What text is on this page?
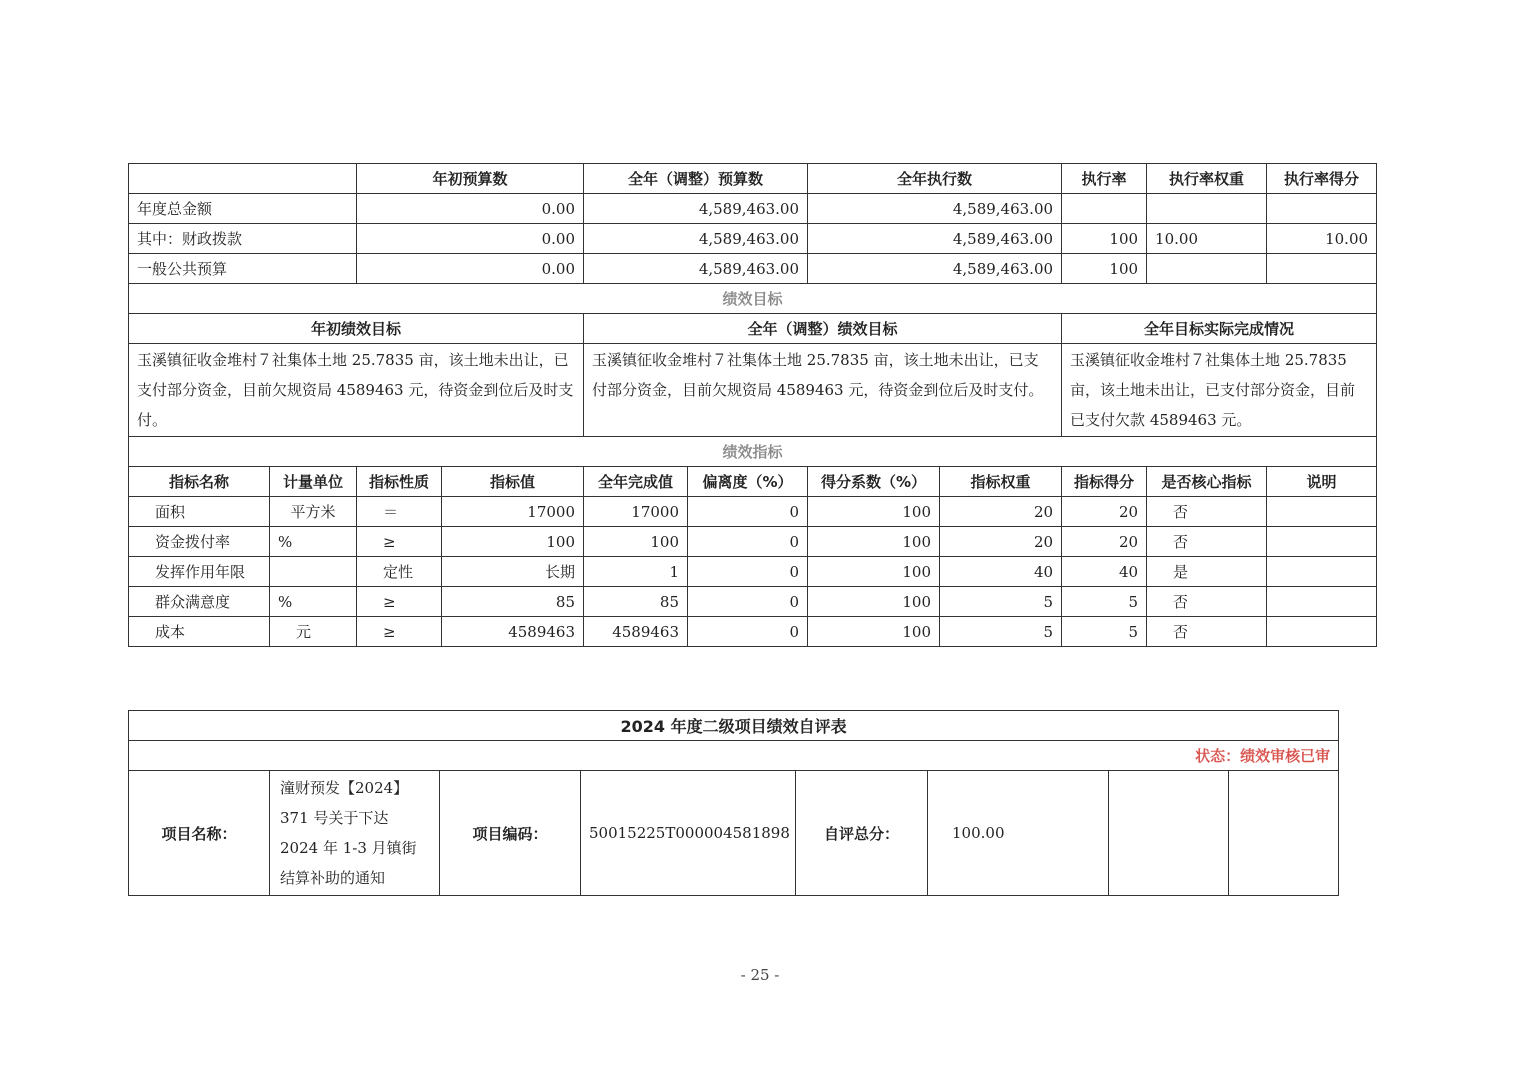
		年初预算数		全年（调整）预算数		全年执行数		执行率	执行率权重	执行率得分
年度总金额		0.00		4,589,463.00		4,589,463.00				
其中：财政拨款		0.00		4,589,463.00		4,589,463.00		100	10.00	10.00
一般公共预算		0.00		4,589,463.00		4,589,463.00		100		
绩效目标										
年初绩效目标				全年（调整）绩效目标				全年目标实际完成情况		
玉溪镇征收金堆村７社集体土地 25.7835 亩，该土地未出让，已支付部分资金，目前欠规资局 4589463 元，待资金到位后及时支付。				玉溪镇征收金堆村７社集体土地 25.7835 亩，该土地未出让，已支付部分资金，目前欠规资局 4589463 元，待资金到位后及时支付。				玉溪镇征收金堆村７社集体土地 25.7835 亩，该土地未出让，已支付部分资金，目前已支付欠款 4589463 元。		
绩效指标										
指标名称	计量单位	指标性质	指标值	全年完成值	偏离度（%）	得分系数（%）	指标权重	指标得分	是否核心指标	说明
面积	平方米	＝	17000	17000	0	100	20	20	否	
资金拨付率	%	≥	100	100	0	100	20	20	否	
发挥作用年限		定性	长期	1	0	100	40	40	是	
群众满意度	%	≥	85	85	0	100	5	5	否	
成本	元	≥	4589463	4589463	0	100	5	5	否	
2024 年度二级项目绩效自评表
状态：绩效审核已审
项目名称：	潼财预发【2024】371 号关于下达 2024 年 1-3 月镇街结算补助的通知	项目编码：	50015225T000004581898	自评总分：	100.00		
- 25 -
